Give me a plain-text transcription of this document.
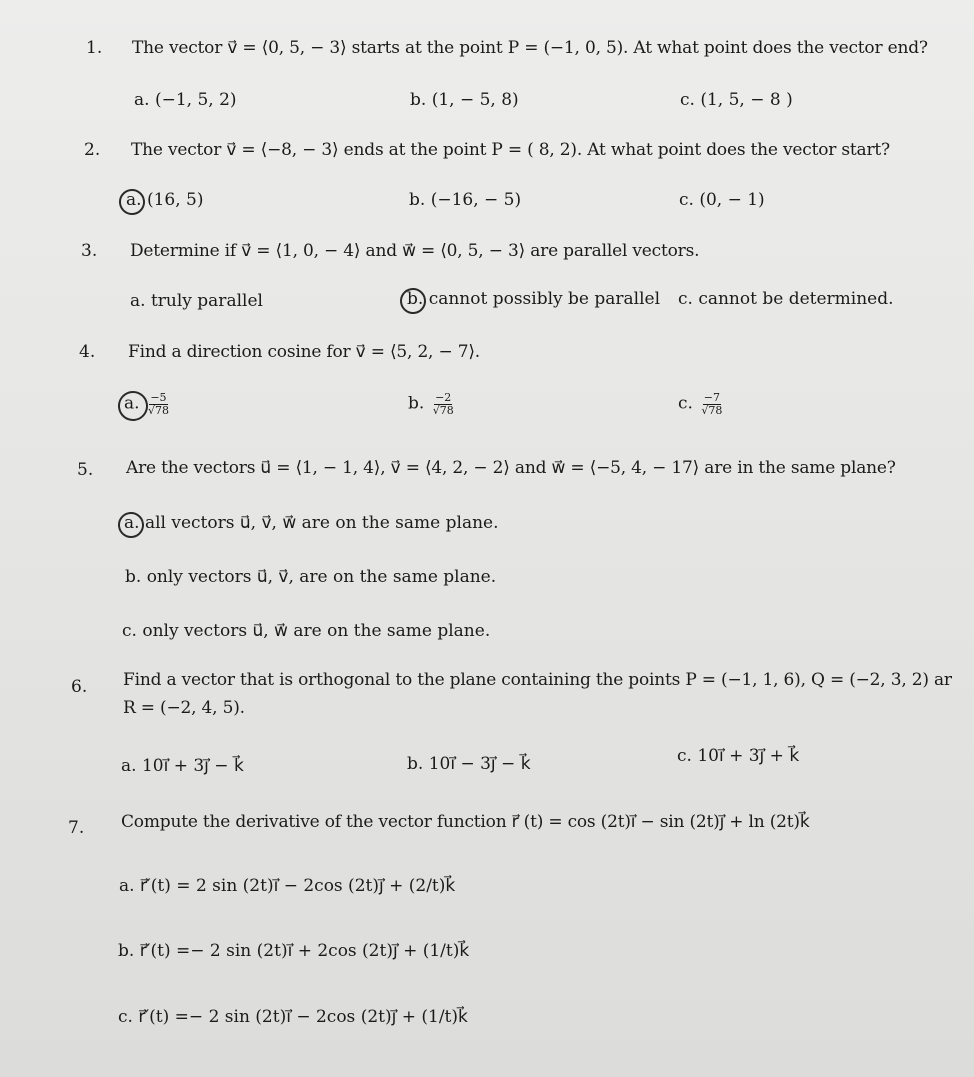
1. The vector v⃗ = ⟨0, 5, − 3⟩ starts at the point P = (−1, 0, 5). At what point does the vector end?
a. (−1, 5, 2)	b. (1, − 5, 8)	c. (1, 5, − 8 )
2. The vector v⃗ = ⟨−8, − 3⟩ ends at the point P = ( 8, 2). At what point does the vector start?
a. (16, 5)	b. (−16, − 5)	c. (0, − 1)
3. Determine if v⃗ = ⟨1, 0, − 4⟩ and w⃗ = ⟨0, 5, − 3⟩ are parallel vectors.
a. truly parallel	b. cannot possibly be parallel c. cannot be determined.
4. Find a direction cosine for v⃗ = ⟨5, 2, − 7⟩.
a. $\frac{-5}{√78}$	b. $\frac{-2}{√78}$	c. $\frac{-7}{√78}$
5. Are the vectors u⃗ = ⟨1, − 1, 4⟩, v⃗ = ⟨4, 2, − 2⟩ and w⃗ = ⟨−5, 4, − 17⟩ are in the same plane?
a. all vectors u⃗, v⃗, w⃗ are on the same plane.
b. only vectors u⃗, v⃗, are on the same plane.
c. only vectors u⃗, w⃗ are on the same plane.
6. Find a vector that is orthogonal to the plane containing the points P = (−1, 1, 6), Q = (−2, 3, 2) ar
R = (−2, 4, 5).
a. 10i⃗ + 3j⃗ − k⃗	b. 10i⃗ − 3j⃗ − k⃗	c. 10i⃗ + 3j⃗ + k⃗
7. Compute the derivative of the vector function r⃗ (t) = cos (2t)i⃗ − sin (2t)j⃗ + ln (2t)k⃗
a. r⃗′(t) = 2 sin (2t)i⃗ − 2cos (2t)j⃗ + (2/t)k⃗
b. r⃗′(t) =− 2 sin (2t)i⃗ + 2cos (2t)j⃗ + (1/t)k⃗
c. r⃗′(t) =− 2 sin (2t)i⃗ − 2cos (2t)j⃗ + (1/t)k⃗
